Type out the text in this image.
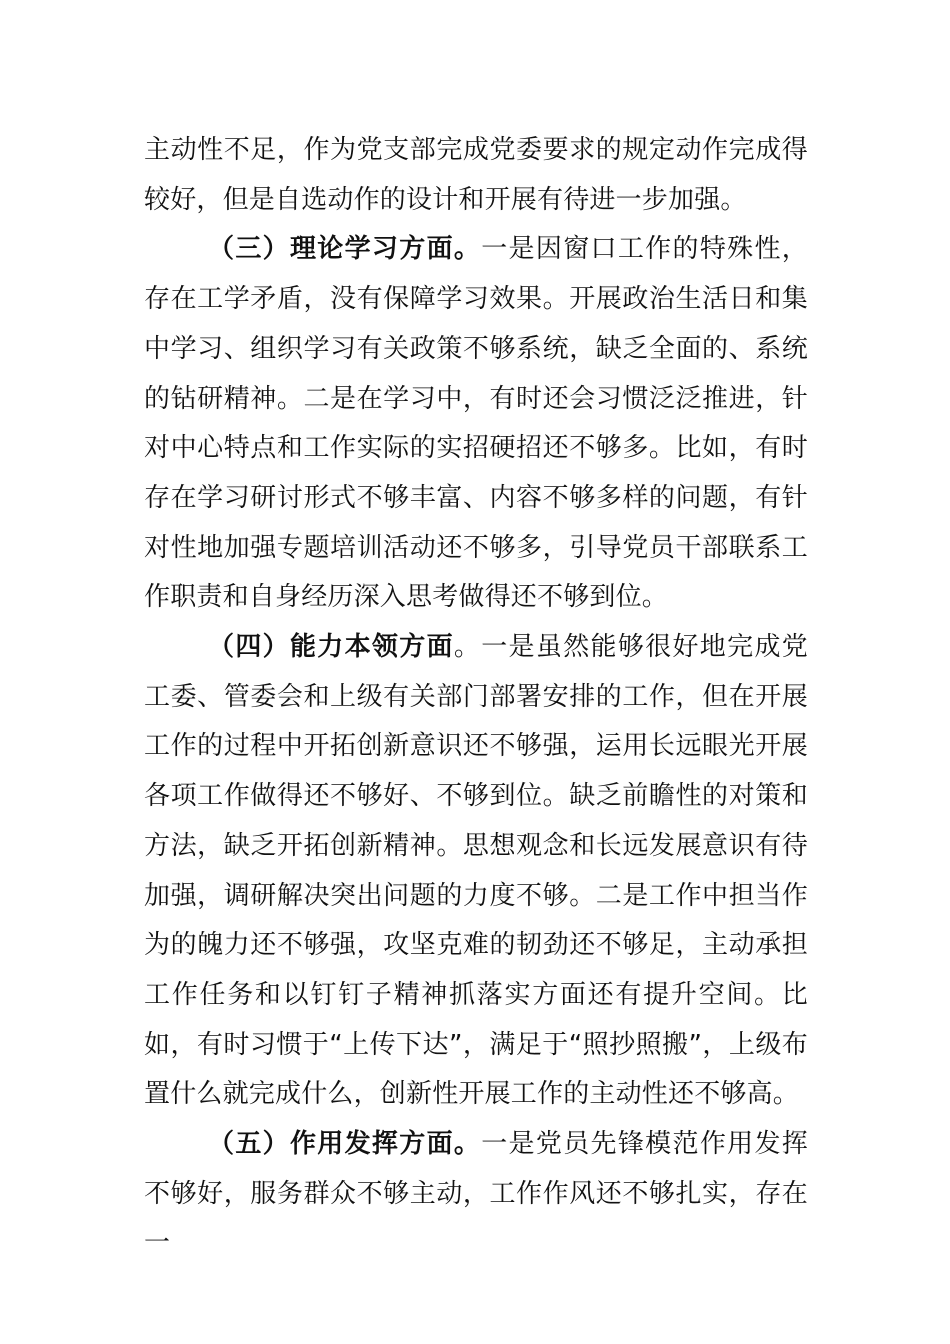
主动性不足，作为党支部完成党委要求的规定动作完成得较好，但是自选动作的设计和开展有待进一步加强。

（三）理论学习方面。一是因窗口工作的特殊性，存在工学矛盾，没有保障学习效果。开展政治生活日和集中学习、组织学习有关政策不够系统，缺乏全面的、系统的钻研精神。二是在学习中，有时还会习惯泛泛推进，针对中心特点和工作实际的实招硬招还不够多。比如，有时存在学习研讨形式不够丰富、内容不够多样的问题，有针对性地加强专题培训活动还不够多，引导党员干部联系工作职责和自身经历深入思考做得还不够到位。

（四）能力本领方面。一是虽然能够很好地完成党工委、管委会和上级有关部门部署安排的工作，但在开展工作的过程中开拓创新意识还不够强，运用长远眼光开展各项工作做得还不够好、不够到位。缺乏前瞻性的对策和方法，缺乏开拓创新精神。思想观念和长远发展意识有待加强，调研解决突出问题的力度不够。二是工作中担当作为的魄力还不够强，攻坚克难的韧劲还不够足，主动承担工作任务和以钉钉子精神抓落实方面还有提升空间。比如，有时习惯于“上传下达”，满足于“照抄照搬”，上级布置什么就完成什么，创新性开展工作的主动性还不够高。

（五）作用发挥方面。一是党员先锋模范作用发挥不够好，服务群众不够主动，工作作风还不够扎实，存在一
